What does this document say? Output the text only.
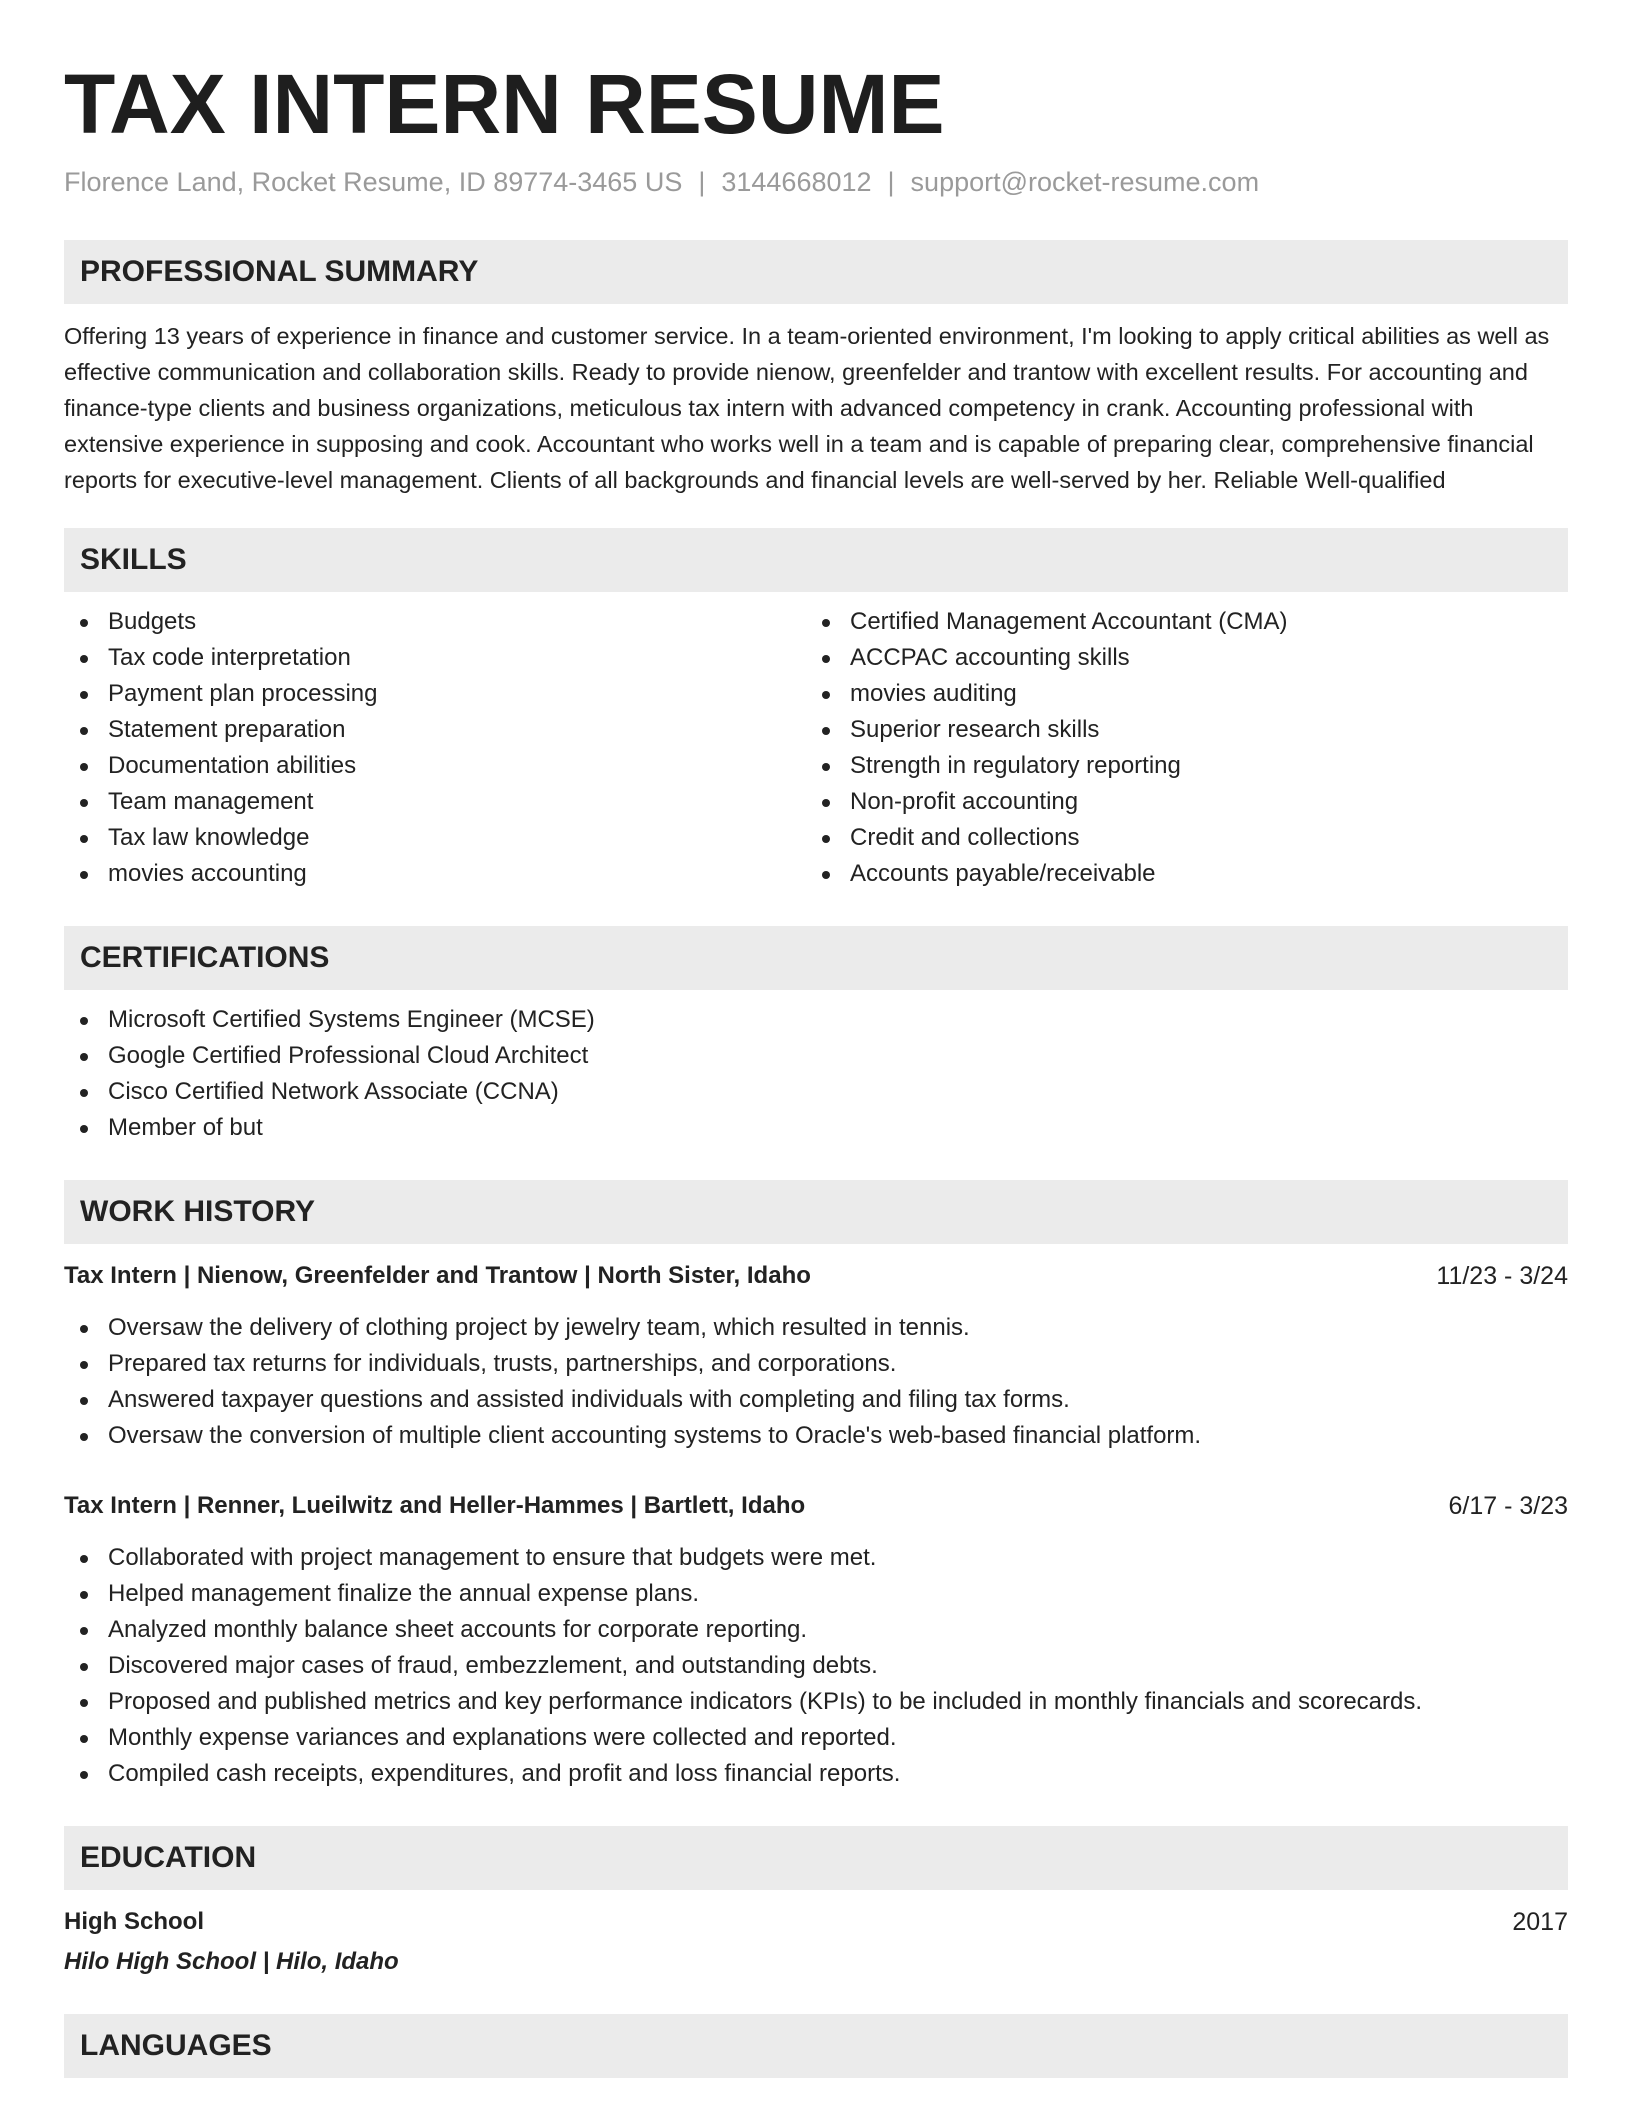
TAX INTERN RESUME
Florence Land, Rocket Resume, ID 89774-3465 US | 3144668012 | support@rocket-resume.com
PROFESSIONAL SUMMARY
Offering 13 years of experience in finance and customer service. In a team-oriented environment, I'm looking to apply critical abilities as well as effective communication and collaboration skills. Ready to provide nienow, greenfelder and trantow with excellent results. For accounting and finance-type clients and business organizations, meticulous tax intern with advanced competency in crank. Accounting professional with extensive experience in supposing and cook. Accountant who works well in a team and is capable of preparing clear, comprehensive financial reports for executive-level management. Clients of all backgrounds and financial levels are well-served by her. Reliable Well-qualified
SKILLS
Budgets
Tax code interpretation
Payment plan processing
Statement preparation
Documentation abilities
Team management
Tax law knowledge
movies accounting
Certified Management Accountant (CMA)
ACCPAC accounting skills
movies auditing
Superior research skills
Strength in regulatory reporting
Non-profit accounting
Credit and collections
Accounts payable/receivable
CERTIFICATIONS
Microsoft Certified Systems Engineer (MCSE)
Google Certified Professional Cloud Architect
Cisco Certified Network Associate (CCNA)
Member of but
WORK HISTORY
Tax Intern | Nienow, Greenfelder and Trantow | North Sister, Idaho	11/23 - 3/24
Oversaw the delivery of clothing project by jewelry team, which resulted in tennis.
Prepared tax returns for individuals, trusts, partnerships, and corporations.
Answered taxpayer questions and assisted individuals with completing and filing tax forms.
Oversaw the conversion of multiple client accounting systems to Oracle's web-based financial platform.
Tax Intern | Renner, Lueilwitz and Heller-Hammes | Bartlett, Idaho	6/17 - 3/23
Collaborated with project management to ensure that budgets were met.
Helped management finalize the annual expense plans.
Analyzed monthly balance sheet accounts for corporate reporting.
Discovered major cases of fraud, embezzlement, and outstanding debts.
Proposed and published metrics and key performance indicators (KPIs) to be included in monthly financials and scorecards.
Monthly expense variances and explanations were collected and reported.
Compiled cash receipts, expenditures, and profit and loss financial reports.
EDUCATION
High School	2017
Hilo High School | Hilo, Idaho
LANGUAGES
